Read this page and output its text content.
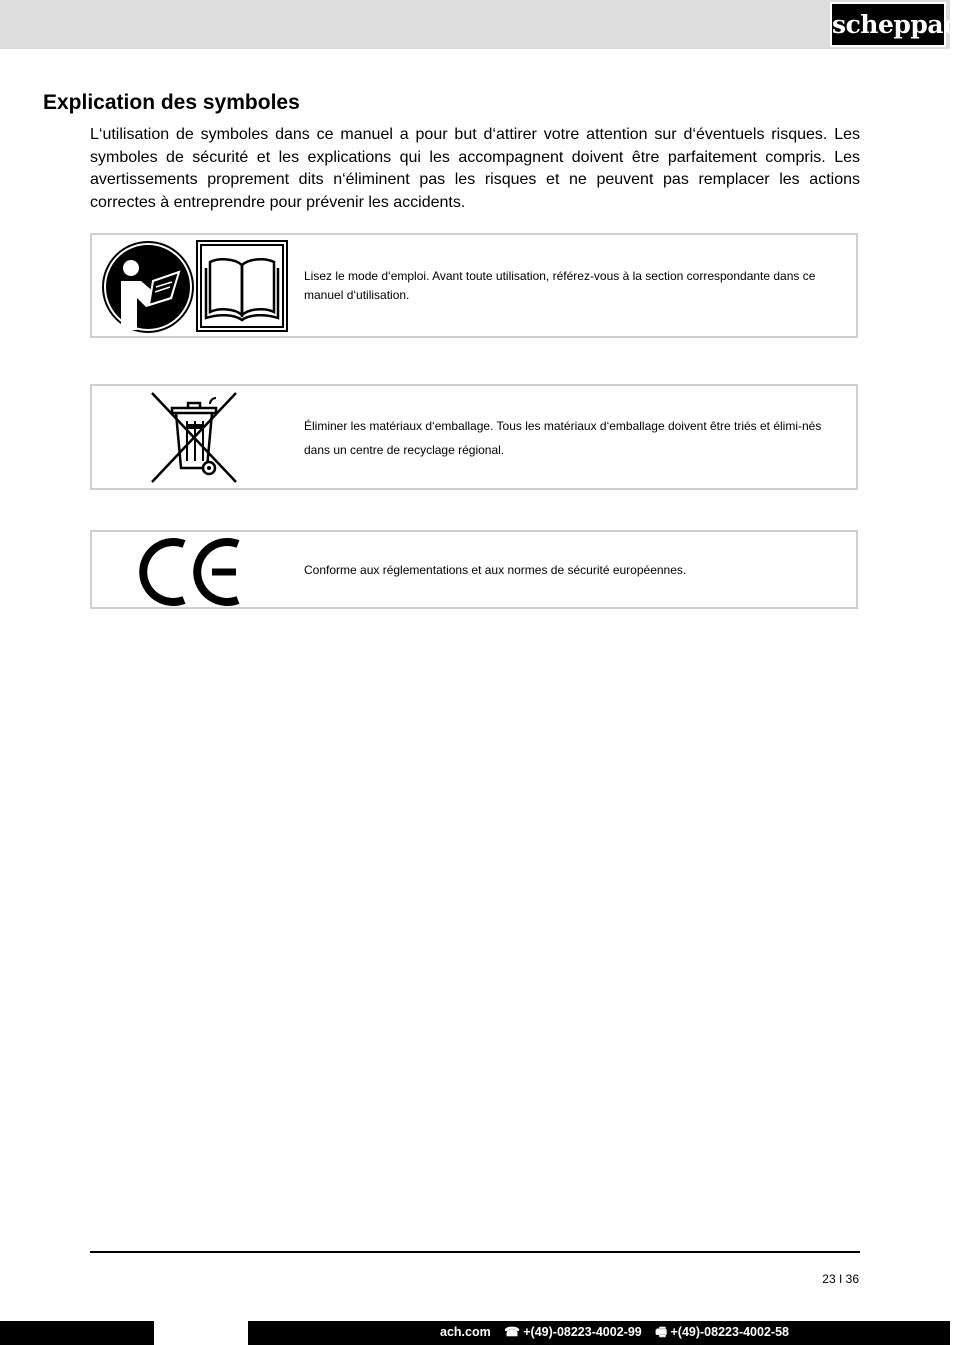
scheppach
Explication des symboles

L‘utilisation de symboles dans ce manuel a pour but d‘attirer votre attention sur d‘éventuels risques. Les symboles de sécurité et les explications qui les accompagnent doivent être parfaitement compris. Les avertissements proprement dits n‘éliminent pas les risques et ne peuvent pas remplacer les actions correctes à entreprendre pour prévenir les accidents.

Lisez le mode d‘emploi. Avant toute utilisation, référez-vous à la section correspondante dans ce manuel d‘utilisation.

Éliminer les matériaux d‘emballage. Tous les matériaux d‘emballage doivent être triés et élimi-nés dans un centre de recyclage régional.

Conforme aux réglementations et aux normes de sécurité européennes.

23 I 36
ach.com ☎ +(49)-08223-4002-99 🖷 +(49)-08223-4002-58
